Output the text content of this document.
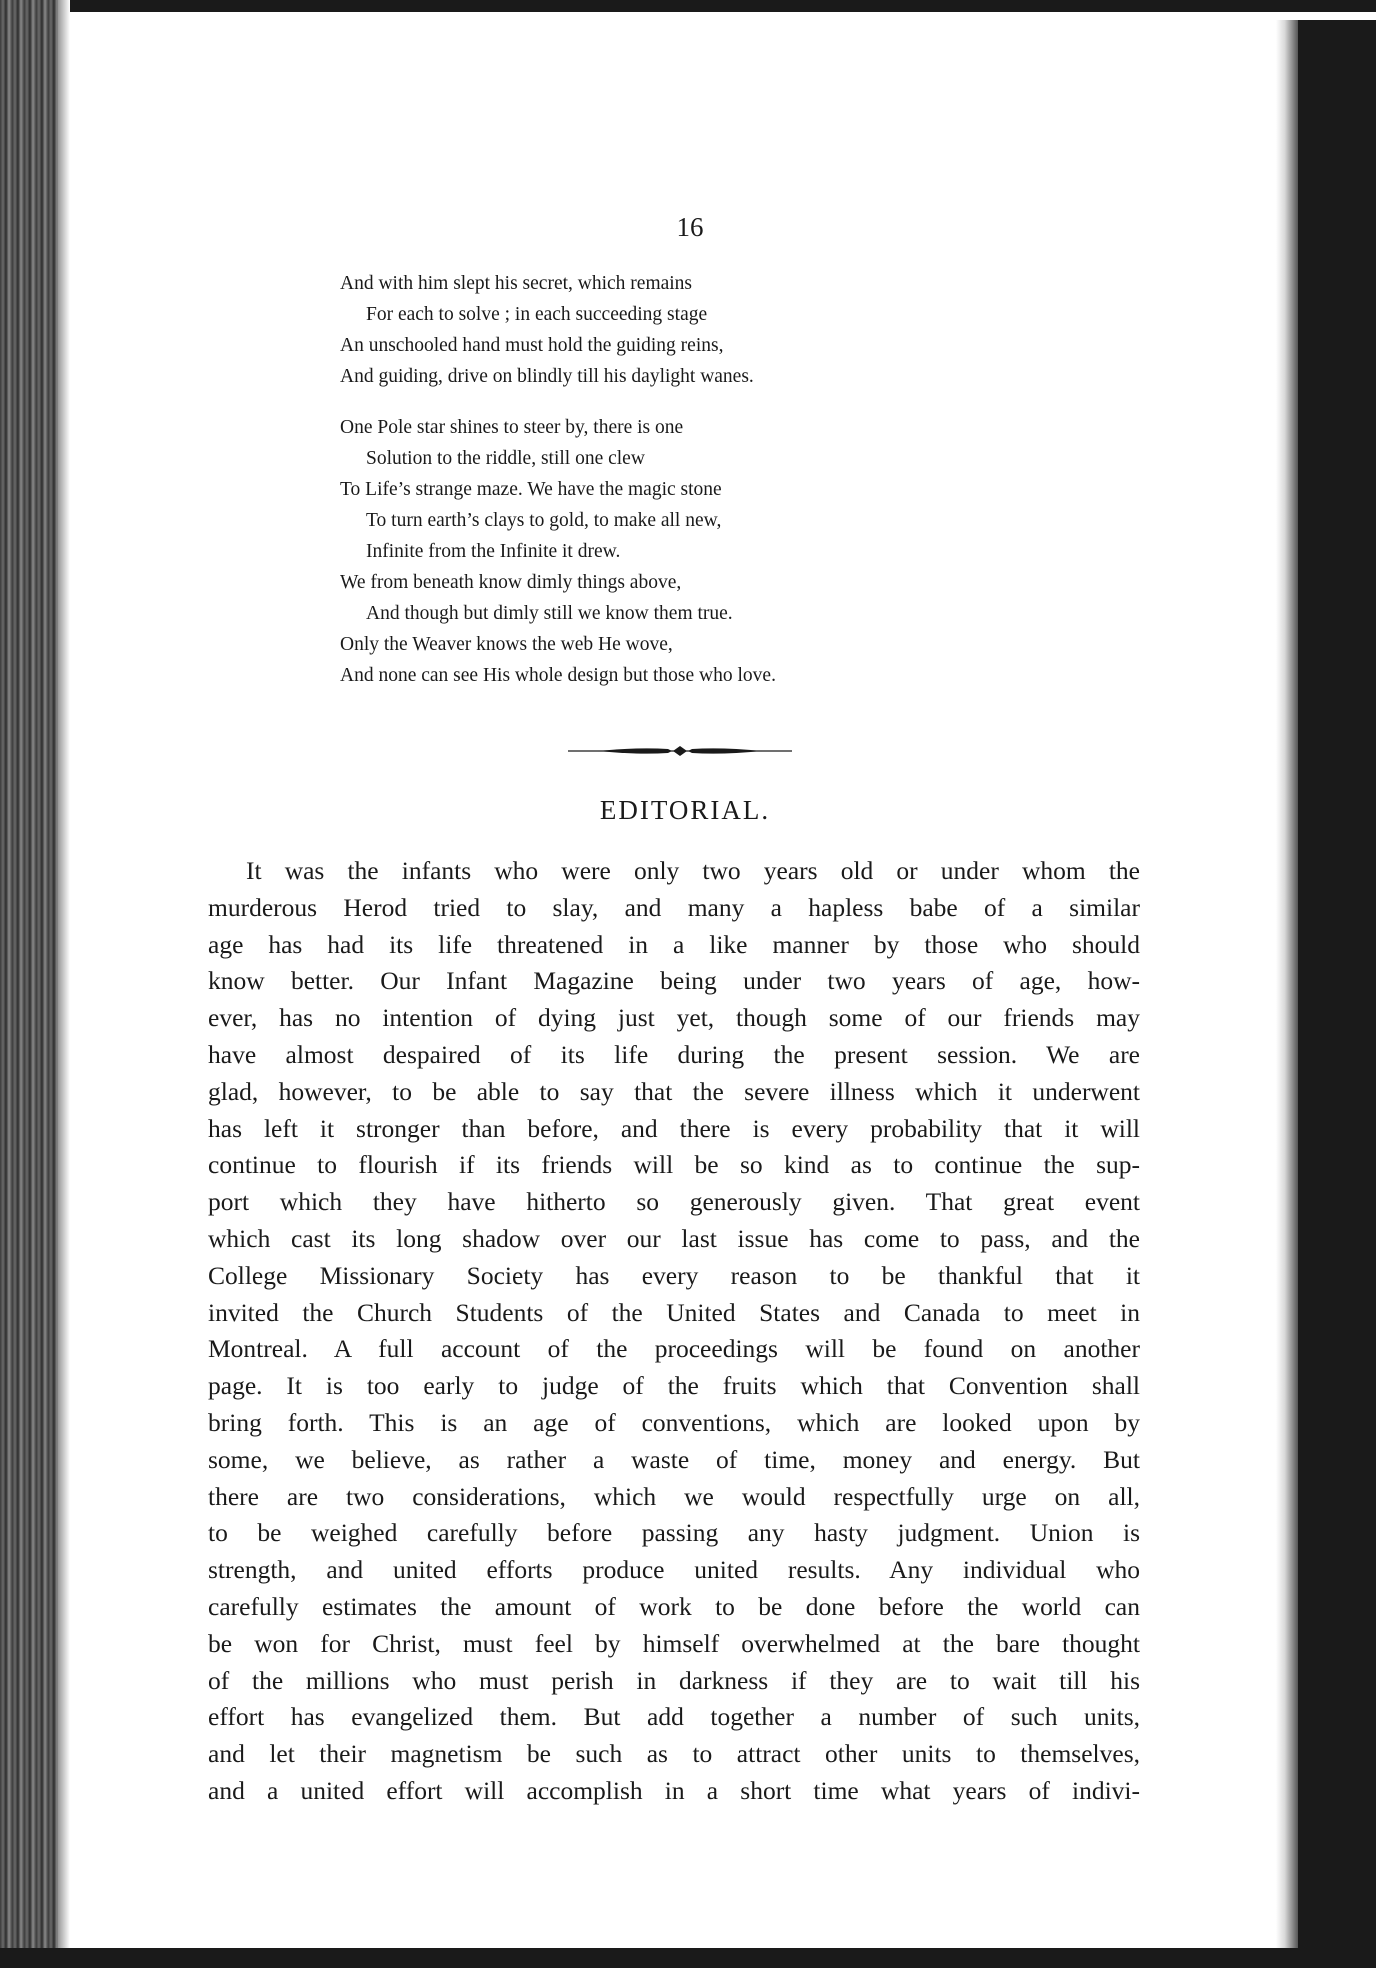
16
And with him slept his secret, which remains
For each to solve ; in each succeeding stage
An unschooled hand must hold the guiding reins,
And guiding, drive on blindly till his daylight wanes.
One Pole star shines to steer by, there is one
Solution to the riddle, still one clew
To Life’s strange maze. We have the magic stone
To turn earth’s clays to gold, to make all new,
Infinite from the Infinite it drew.
We from beneath know dimly things above,
And though but dimly still we know them true.
Only the Weaver knows the web He wove,
And none can see His whole design but those who love.
EDITORIAL.
It was the infants who were only two years old or under whom the
murderous Herod tried to slay, and many a hapless babe of a similar
age has had its life threatened in a like manner by those who should
know better. Our Infant Magazine being under two years of age, how-
ever, has no intention of dying just yet, though some of our friends may
have almost despaired of its life during the present session. We are
glad, however, to be able to say that the severe illness which it underwent
has left it stronger than before, and there is every probability that it will
continue to flourish if its friends will be so kind as to continue the sup-
port which they have hitherto so generously given. That great event
which cast its long shadow over our last issue has come to pass, and the
College Missionary Society has every reason to be thankful that it
invited the Church Students of the United States and Canada to meet in
Montreal. A full account of the proceedings will be found on another
page. It is too early to judge of the fruits which that Convention shall
bring forth. This is an age of conventions, which are looked upon by
some, we believe, as rather a waste of time, money and energy. But
there are two considerations, which we would respectfully urge on all,
to be weighed carefully before passing any hasty judgment. Union is
strength, and united efforts produce united results. Any individual who
carefully estimates the amount of work to be done before the world can
be won for Christ, must feel by himself overwhelmed at the bare thought
of the millions who must perish in darkness if they are to wait till his
effort has evangelized them. But add together a number of such units,
and let their magnetism be such as to attract other units to themselves,
and a united effort will accomplish in a short time what years of indivi-
